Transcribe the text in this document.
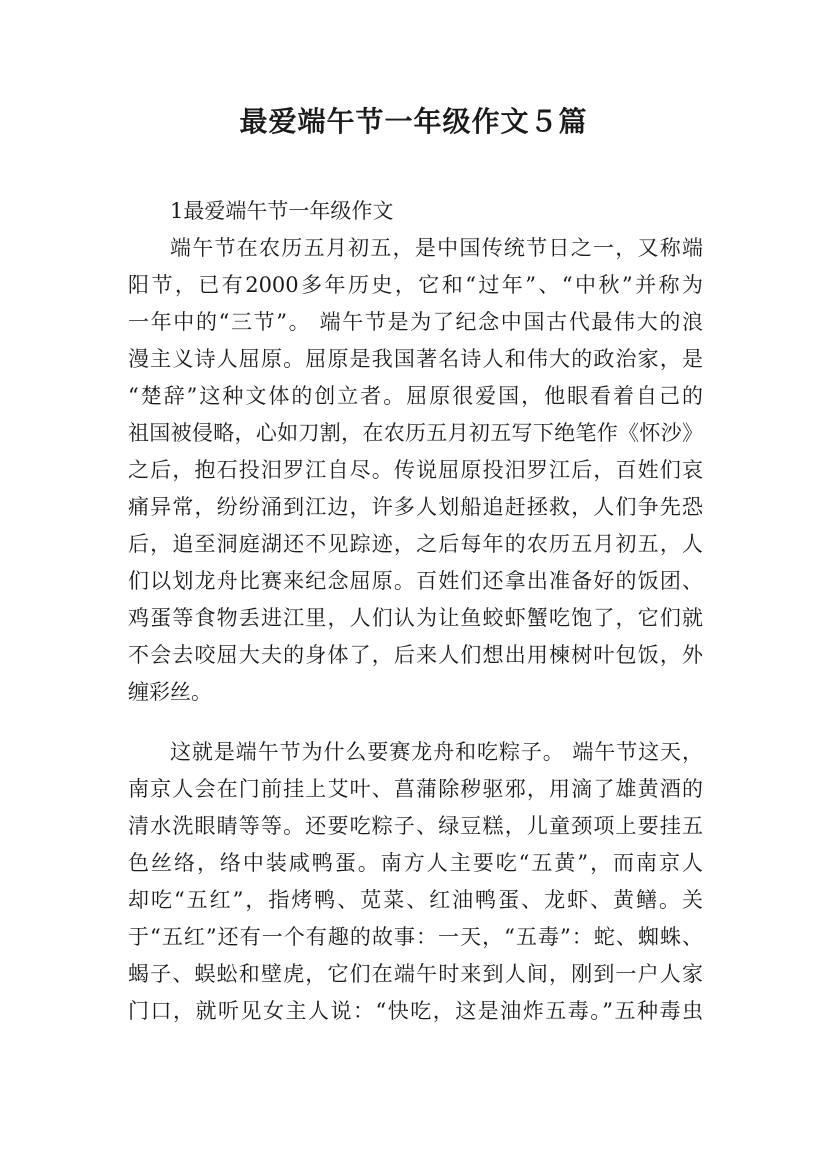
最爱端午节一年级作文５篇

1最爱端午节一年级作文

端午节在农历五月初五，是中国传统节日之一，又称端

阳节，已有2000多年历史，它和“过年”、“中秋”并称为

一年中的“三节”。 端午节是为了纪念中国古代最伟大的浪

漫主义诗人屈原。屈原是我国著名诗人和伟大的政治家，是

“楚辞”这种文体的创立者。屈原很爱国，他眼看着自己的

祖国被侵略，心如刀割，在农历五月初五写下绝笔作《怀沙》

之后，抱石投汨罗江自尽。传说屈原投汨罗江后，百姓们哀

痛异常，纷纷涌到江边，许多人划船追赶拯救，人们争先恐

后，追至洞庭湖还不见踪迹，之后每年的农历五月初五，人

们以划龙舟比赛来纪念屈原。百姓们还拿出准备好的饭团、

鸡蛋等食物丢进江里，人们认为让鱼蛟虾蟹吃饱了，它们就

不会去咬屈大夫的身体了，后来人们想出用楝树叶包饭，外

缠彩丝。

这就是端午节为什么要赛龙舟和吃粽子。 端午节这天，

南京人会在门前挂上艾叶、菖蒲除秽驱邪，用滴了雄黄酒的

清水洗眼睛等等。还要吃粽子、绿豆糕，儿童颈项上要挂五

色丝络，络中装咸鸭蛋。南方人主要吃“五黄”，而南京人

却吃“五红”，指烤鸭、苋菜、红油鸭蛋、龙虾、黄鳝。关

于“五红”还有一个有趣的故事：一天，“五毒”：蛇、蜘蛛、

蝎子、蜈蚣和壁虎，它们在端午时来到人间，刚到一户人家

门口，就听见女主人说：“快吃，这是油炸五毒。”五种毒虫
